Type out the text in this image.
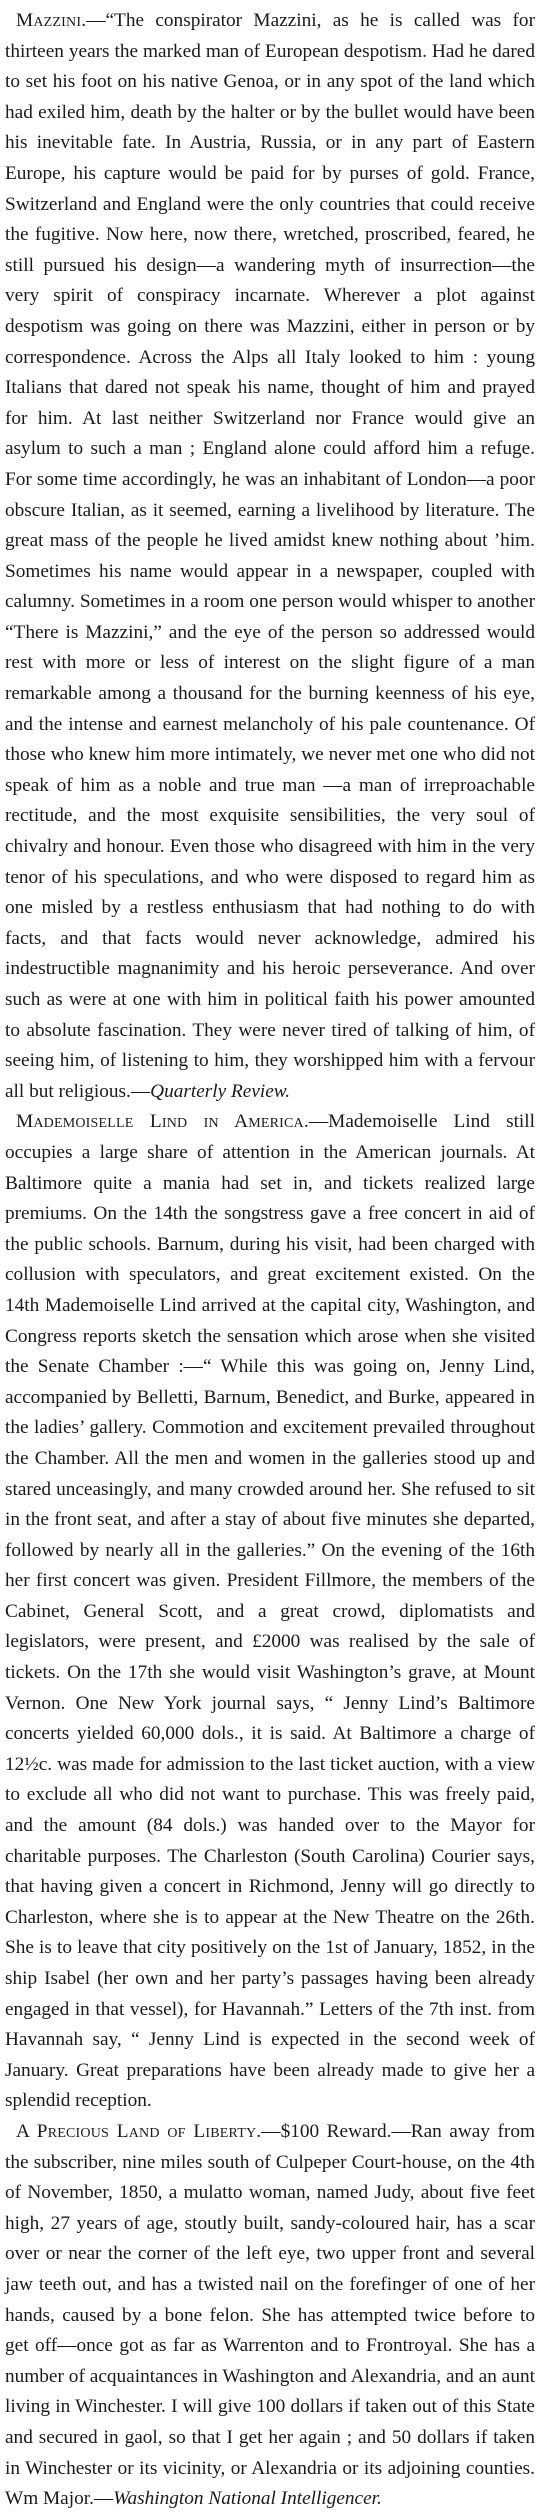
Mazzini.—“The conspirator Mazzini, as he is called was for thirteen years the marked man of European despotism. Had he dared to set his foot on his native Genoa, or in any spot of the land which had exiled him, death by the halter or by the bullet would have been his inevitable fate. In Austria, Russia, or in any part of Eastern Europe, his capture would be paid for by purses of gold. France, Switzerland and England were the only countries that could receive the fugitive. Now here, now there, wretched, proscribed, feared, he still pursued his design—a wandering myth of insurrection—the very spirit of conspiracy incarnate. Wherever a plot against despotism was going on there was Mazzini, either in person or by correspondence. Across the Alps all Italy looked to him : young Italians that dared not speak his name, thought of him and prayed for him. At last neither Switzerland nor France would give an asylum to such a man ; England alone could afford him a refuge. For some time accordingly, he was an inhabitant of London—a poor obscure Italian, as it seemed, earning a livelihood by literature. The great mass of the people he lived amidst knew nothing about ’him. Sometimes his name would appear in a newspaper, coupled with calumny. Sometimes in a room one person would whisper to another “There is Mazzini,” and the eye of the person so addressed would rest with more or less of interest on the slight figure of a man remarkable among a thousand for the burning keenness of his eye, and the intense and earnest melancholy of his pale countenance. Of those who knew him more intimately, we never met one who did not speak of him as a noble and true man —a man of irreproachable rectitude, and the most exquisite sensibilities, the very soul of chivalry and honour. Even those who disagreed with him in the very tenor of his speculations, and who were disposed to regard him as one misled by a restless enthusiasm that had nothing to do with facts, and that facts would never acknowledge, admired his indestructible magnanimity and his heroic perseverance. And over such as were at one with him in political faith his power amounted to absolute fascination. They were never tired of talking of him, of seeing him, of listening to him, they worshipped him with a fervour all but religious.—Quarterly Review.

Mademoiselle Lind in America.—Mademoiselle Lind still occupies a large share of attention in the American journals. At Baltimore quite a mania had set in, and tickets realized large premiums. On the 14th the songstress gave a free concert in aid of the public schools. Barnum, during his visit, had been charged with collusion with speculators, and great excitement existed. On the 14th Mademoiselle Lind arrived at the capital city, Washington, and Congress reports sketch the sensation which arose when she visited the Senate Chamber :—“ While this was going on, Jenny Lind, accompanied by Belletti, Barnum, Benedict, and Burke, appeared in the ladies’ gallery. Commotion and excitement prevailed throughout the Chamber. All the men and women in the galleries stood up and stared unceasingly, and many crowded around her. She refused to sit in the front seat, and after a stay of about five minutes she departed, followed by nearly all in the galleries.” On the evening of the 16th her first concert was given. President Fillmore, the members of the Cabinet, General Scott, and a great crowd, diplomatists and legislators, were present, and £2000 was realised by the sale of tickets. On the 17th she would visit Washington’s grave, at Mount Vernon. One New York journal says, “ Jenny Lind’s Baltimore concerts yielded 60,000 dols., it is said. At Baltimore a charge of 12½c. was made for admission to the last ticket auction, with a view to exclude all who did not want to purchase. This was freely paid, and the amount (84 dols.) was handed over to the Mayor for charitable purposes. The Charleston (South Carolina) Courier says, that having given a concert in Richmond, Jenny will go directly to Charleston, where she is to appear at the New Theatre on the 26th. She is to leave that city positively on the 1st of January, 1852, in the ship Isabel (her own and her party’s passages having been already engaged in that vessel), for Havannah.” Letters of the 7th inst. from Havannah say, “ Jenny Lind is expected in the second week of January. Great preparations have been already made to give her a splendid reception.

A Precious Land of Liberty.—$100 Reward.—Ran away from the subscriber, nine miles south of Culpeper Court-house, on the 4th of November, 1850, a mulatto woman, named Judy, about five feet high, 27 years of age, stoutly built, sandy-coloured hair, has a scar over or near the corner of the left eye, two upper front and several jaw teeth out, and has a twisted nail on the forefinger of one of her hands, caused by a bone felon. She has attempted twice before to get off—once got as far as Warrenton and to Frontroyal. She has a number of acquaintances in Washington and Alexandria, and an aunt living in Winchester. I will give 100 dollars if taken out of this State and secured in gaol, so that I get her again ; and 50 dollars if taken in Winchester or its vicinity, or Alexandria or its adjoining counties. Wm Major.—Washington National Intelligencer.
